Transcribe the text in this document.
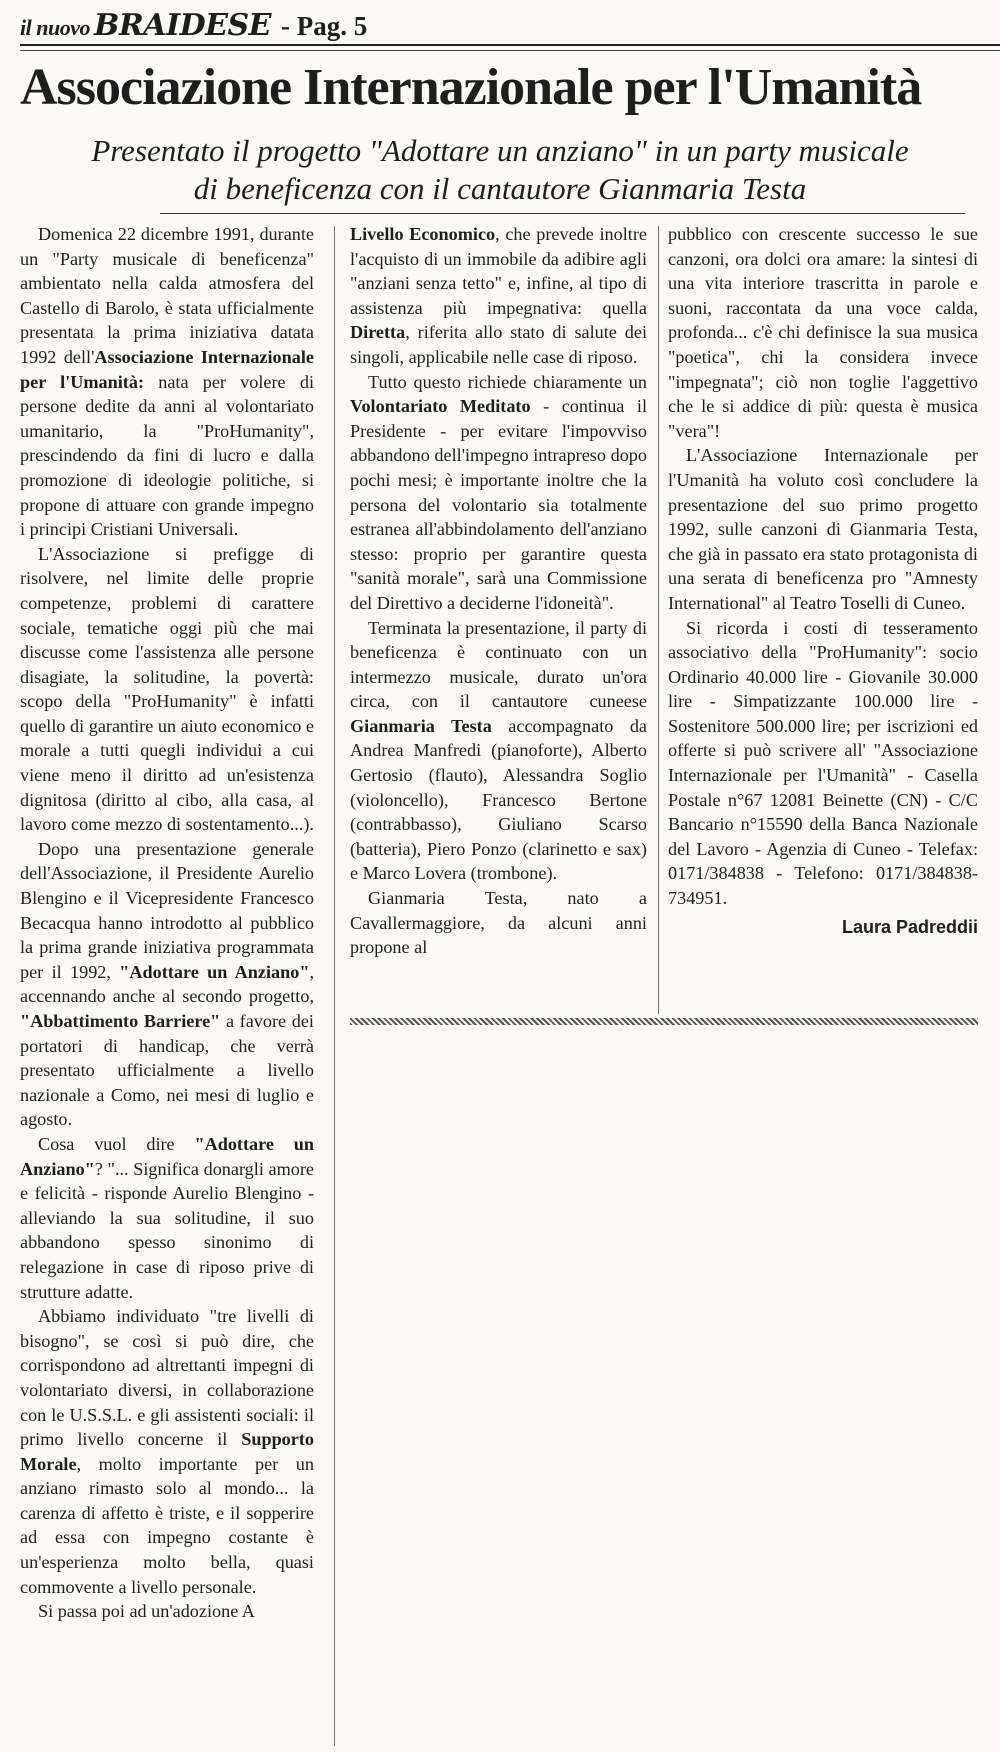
il nuovo BRAIDESE - Pag. 5
Associazione Internazionale per l'Umanità
Presentato il progetto "Adottare un anziano" in un party musicale
di beneficenza con il cantautore Gianmaria Testa

Domenica 22 dicembre 1991, durante un "Party musicale di beneficenza" ambientato nella calda atmosfera del Castello di Barolo, è stata ufficialmente presentata la prima iniziativa datata 1992 dell'Associazione Internazionale per l'Umanità: nata per volere di persone dedite da anni al volontariato umanitario, la "ProHumanity", prescindendo da fini di lucro e dalla promozione di ideologie politiche, si propone di attuare con grande impegno i principi Cristiani Universali.

L'Associazione si prefigge di risolvere, nel limite delle proprie competenze, problemi di carattere sociale, tematiche oggi più che mai discusse come l'assistenza alle persone disagiate, la solitudine, la povertà: scopo della "ProHumanity" è infatti quello di garantire un aiuto economico e morale a tutti quegli individui a cui viene meno il diritto ad un'esistenza dignitosa (diritto al cibo, alla casa, al lavoro come mezzo di sostentamento...).

Dopo una presentazione generale dell'Associazione, il Presidente Aurelio Blengino e il Vicepresidente Francesco Becacqua hanno introdotto al pubblico la prima grande iniziativa programmata per il 1992, "Adottare un Anziano", accennando anche al secondo progetto, "Abbattimento Barriere" a favore dei portatori di handicap, che verrà presentato ufficialmente a livello nazionale a Como, nei mesi di luglio e agosto.

Cosa vuol dire "Adottare un Anziano"? "... Significa donargli amore e felicità - risponde Aurelio Blengino - alleviando la sua solitudine, il suo abbandono spesso sinonimo di relegazione in case di riposo prive di strutture adatte.

Abbiamo individuato "tre livelli di bisogno", se così si può dire, che corrispondono ad altrettanti impegni di volontariato diversi, in collaborazione con le U.S.S.L. e gli assistenti sociali: il primo livello concerne il Supporto Morale, molto importante per un anziano rimasto solo al mondo... la carenza di affetto è triste, e il sopperire ad essa con impegno costante è un'esperienza molto bella, quasi commovente a livello personale.

Si passa poi ad un'adozione A

Livello Economico, che prevede inoltre l'acquisto di un immobile da adibire agli "anziani senza tetto" e, infine, al tipo di assistenza più impegnativa: quella Diretta, riferita allo stato di salute dei singoli, applicabile nelle case di riposo.

Tutto questo richiede chiaramente un Volontariato Meditato - continua il Presidente - per evitare l'impovviso abbandono dell'impegno intrapreso dopo pochi mesi; è importante inoltre che la persona del volontario sia totalmente estranea all'abbindolamento dell'anziano stesso: proprio per garantire questa "sanità morale", sarà una Commissione del Direttivo a deciderne l'idoneità".

Terminata la presentazione, il party di beneficenza è continuato con un intermezzo musicale, durato un'ora circa, con il cantautore cuneese Gianmaria Testa accompagnato da Andrea Manfredi (pianoforte), Alberto Gertosio (flauto), Alessandra Soglio (violoncello), Francesco Bertone (contrabbasso), Giuliano Scarso (batteria), Piero Ponzo (clarinetto e sax) e Marco Lovera (trombone).

Gianmaria Testa, nato a Cavallermaggiore, da alcuni anni propone al

pubblico con crescente successo le sue canzoni, ora dolci ora amare: la sintesi di una vita interiore trascritta in parole e suoni, raccontata da una voce calda, profonda... c'è chi definisce la sua musica "poetica", chi la considera invece "impegnata"; ciò non toglie l'aggettivo che le si addice di più: questa è musica "vera"!

L'Associazione Internazionale per l'Umanità ha voluto così concludere la presentazione del suo primo progetto 1992, sulle canzoni di Gianmaria Testa, che già in passato era stato protagonista di una serata di beneficenza pro "Amnesty International" al Teatro Toselli di Cuneo.

Si ricorda i costi di tesseramento associativo della "ProHumanity": socio Ordinario 40.000 lire - Giovanile 30.000 lire - Simpatizzante 100.000 lire - Sostenitore 500.000 lire; per iscrizioni ed offerte si può scrivere all' "Associazione Internazionale per l'Umanità" - Casella Postale n°67 12081 Beinette (CN) - C/C Bancario n°15590 della Banca Nazionale del Lavoro - Agenzia di Cuneo - Telefax: 0171/384838 - Telefono: 0171/384838-734951.

Laura Padreddii
